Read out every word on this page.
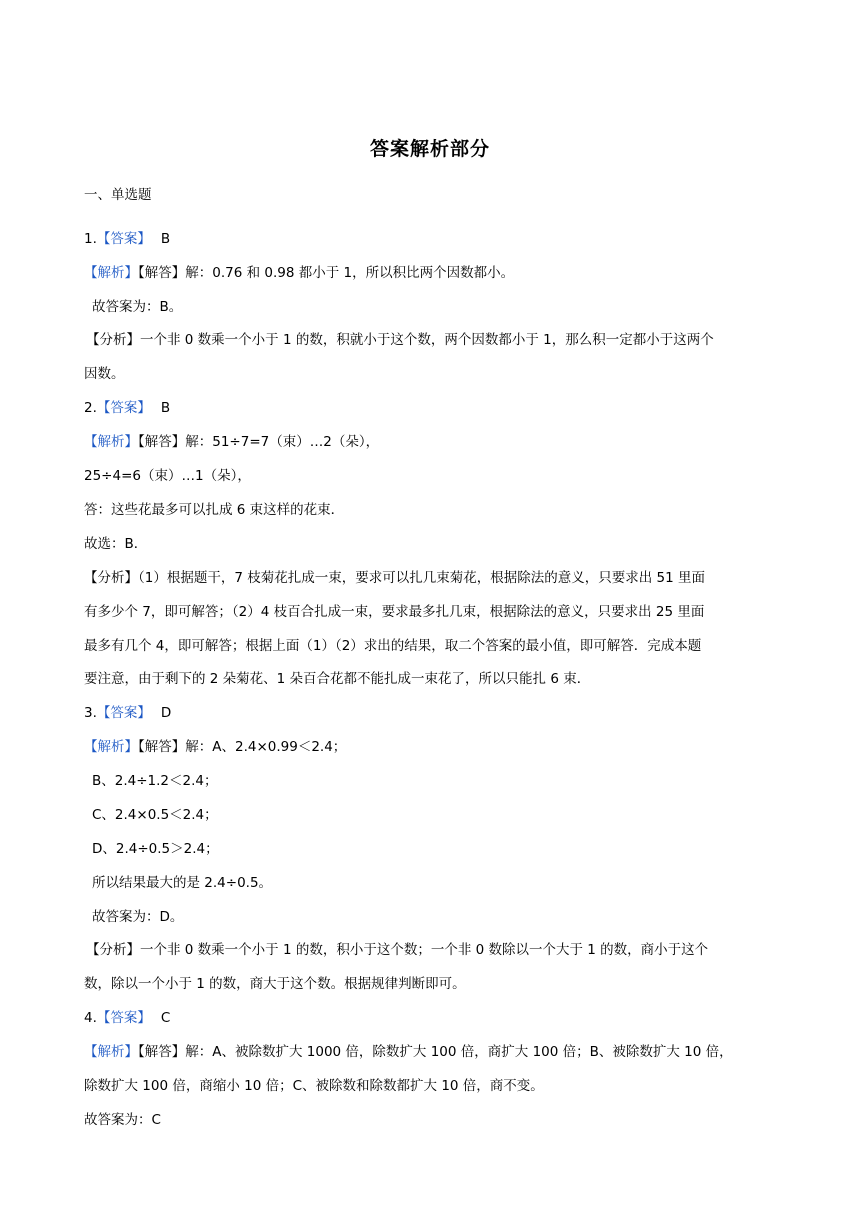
答案解析部分
一、单选题
1.【答案】 B
【解析】【解答】解：0.76 和 0.98 都小于 1，所以积比两个因数都小。
故答案为：B。
【分析】一个非 0 数乘一个小于 1 的数，积就小于这个数，两个因数都小于 1，那么积一定都小于这两个
因数。
2.【答案】 B
【解析】【解答】解：51÷7=7（束）…2（朵），
25÷4=6（束）…1（朵），
答：这些花最多可以扎成 6 束这样的花束．
故选：B．
【分析】（1）根据题干，7 枝菊花扎成一束，要求可以扎几束菊花，根据除法的意义，只要求出 51 里面
有多少个 7，即可解答；（2）4 枝百合扎成一束，要求最多扎几束，根据除法的意义，只要求出 25 里面
最多有几个 4，即可解答；根据上面（1）（2）求出的结果，取二个答案的最小值，即可解答．完成本题
要注意，由于剩下的 2 朵菊花、1 朵百合花都不能扎成一束花了，所以只能扎 6 束．
3.【答案】 D
【解析】【解答】解：A、2.4×0.99＜2.4；
B、2.4÷1.2＜2.4；
C、2.4×0.5＜2.4；
D、2.4÷0.5＞2.4；
所以结果最大的是 2.4÷0.5。
故答案为：D。
【分析】一个非 0 数乘一个小于 1 的数，积小于这个数；一个非 0 数除以一个大于 1 的数，商小于这个
数，除以一个小于 1 的数，商大于这个数。根据规律判断即可。
4.【答案】 C
【解析】【解答】解：A、被除数扩大 1000 倍，除数扩大 100 倍，商扩大 100 倍；B、被除数扩大 10 倍，
除数扩大 100 倍，商缩小 10 倍；C、被除数和除数都扩大 10 倍，商不变。
故答案为：C
